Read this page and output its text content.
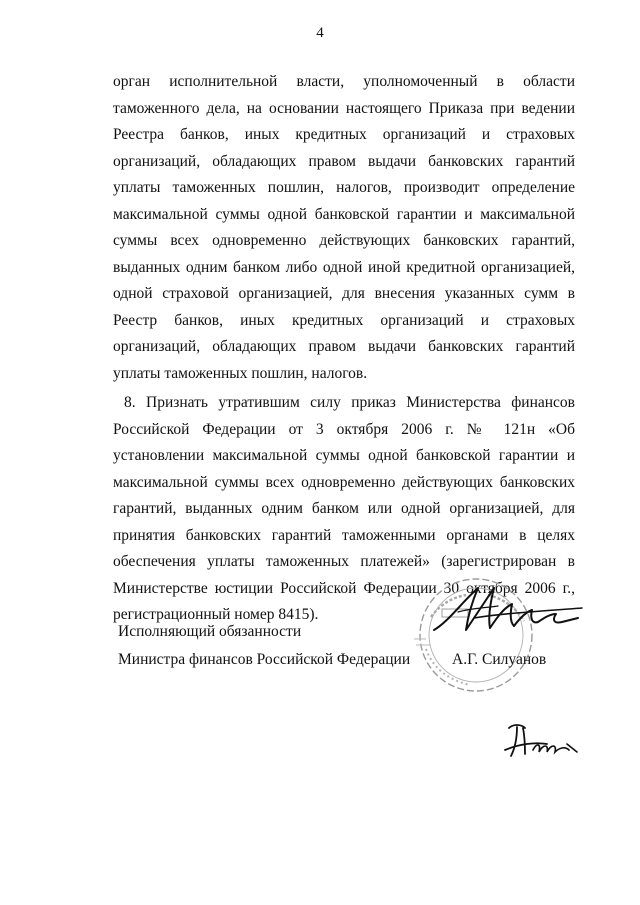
4

орган исполнительной власти, уполномоченный в области таможенного дела, на основании настоящего Приказа при ведении Реестра банков, иных кредитных организаций и страховых организаций, обладающих правом выдачи банковских гарантий уплаты таможенных пошлин, налогов, производит определение максимальной суммы одной банковской гарантии и максимальной суммы всех одновременно действующих банковских гарантий, выданных одним банком либо одной иной кредитной организацией, одной страховой организацией, для внесения указанных сумм в Реестр банков, иных кредитных организаций и страховых организаций, обладающих правом выдачи банковских гарантий уплаты таможенных пошлин, налогов.

8. Признать утратившим силу приказ Министерства финансов Российской Федерации от 3 октября 2006 г. № 121н «Об установлении максимальной суммы одной банковской гарантии и максимальной суммы всех одновременно действующих банковских гарантий, выданных одним банком или одной организацией, для принятия банковских гарантий таможенными органами в целях обеспечения уплаты таможенных платежей» (зарегистрирован в Министерстве юстиции Российской Федерации 30 октября 2006 г., регистрационный номер 8415).

Исполняющий обязанности
Министра финансов Российской Федерации	А.Г. Силуанов
